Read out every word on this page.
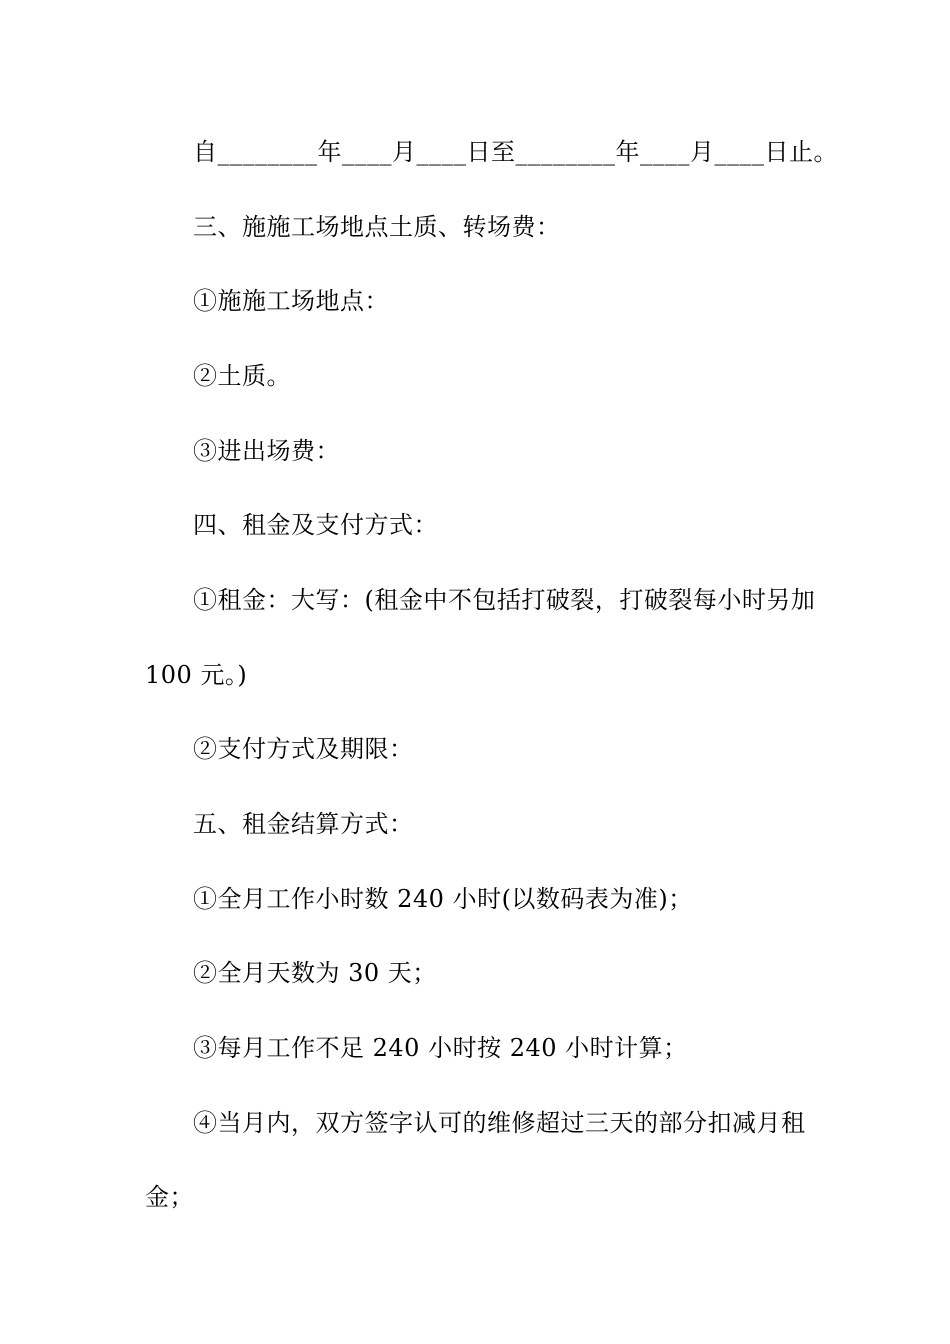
自________年____月____日至________年____月____日止。
三、施施工场地点土质、转场费：
①施施工场地点：
②土质。
③进出场费：
四、租金及支付方式：
①租金：大写：(租金中不包括打破裂，打破裂每小时另加
100 元。)
②支付方式及期限：
五、租金结算方式：
①全月工作小时数 240 小时(以数码表为准)；
②全月天数为 30 天；
③每月工作不足 240 小时按 240 小时计算；
④当月内，双方签字认可的维修超过三天的部分扣减月租
金；
